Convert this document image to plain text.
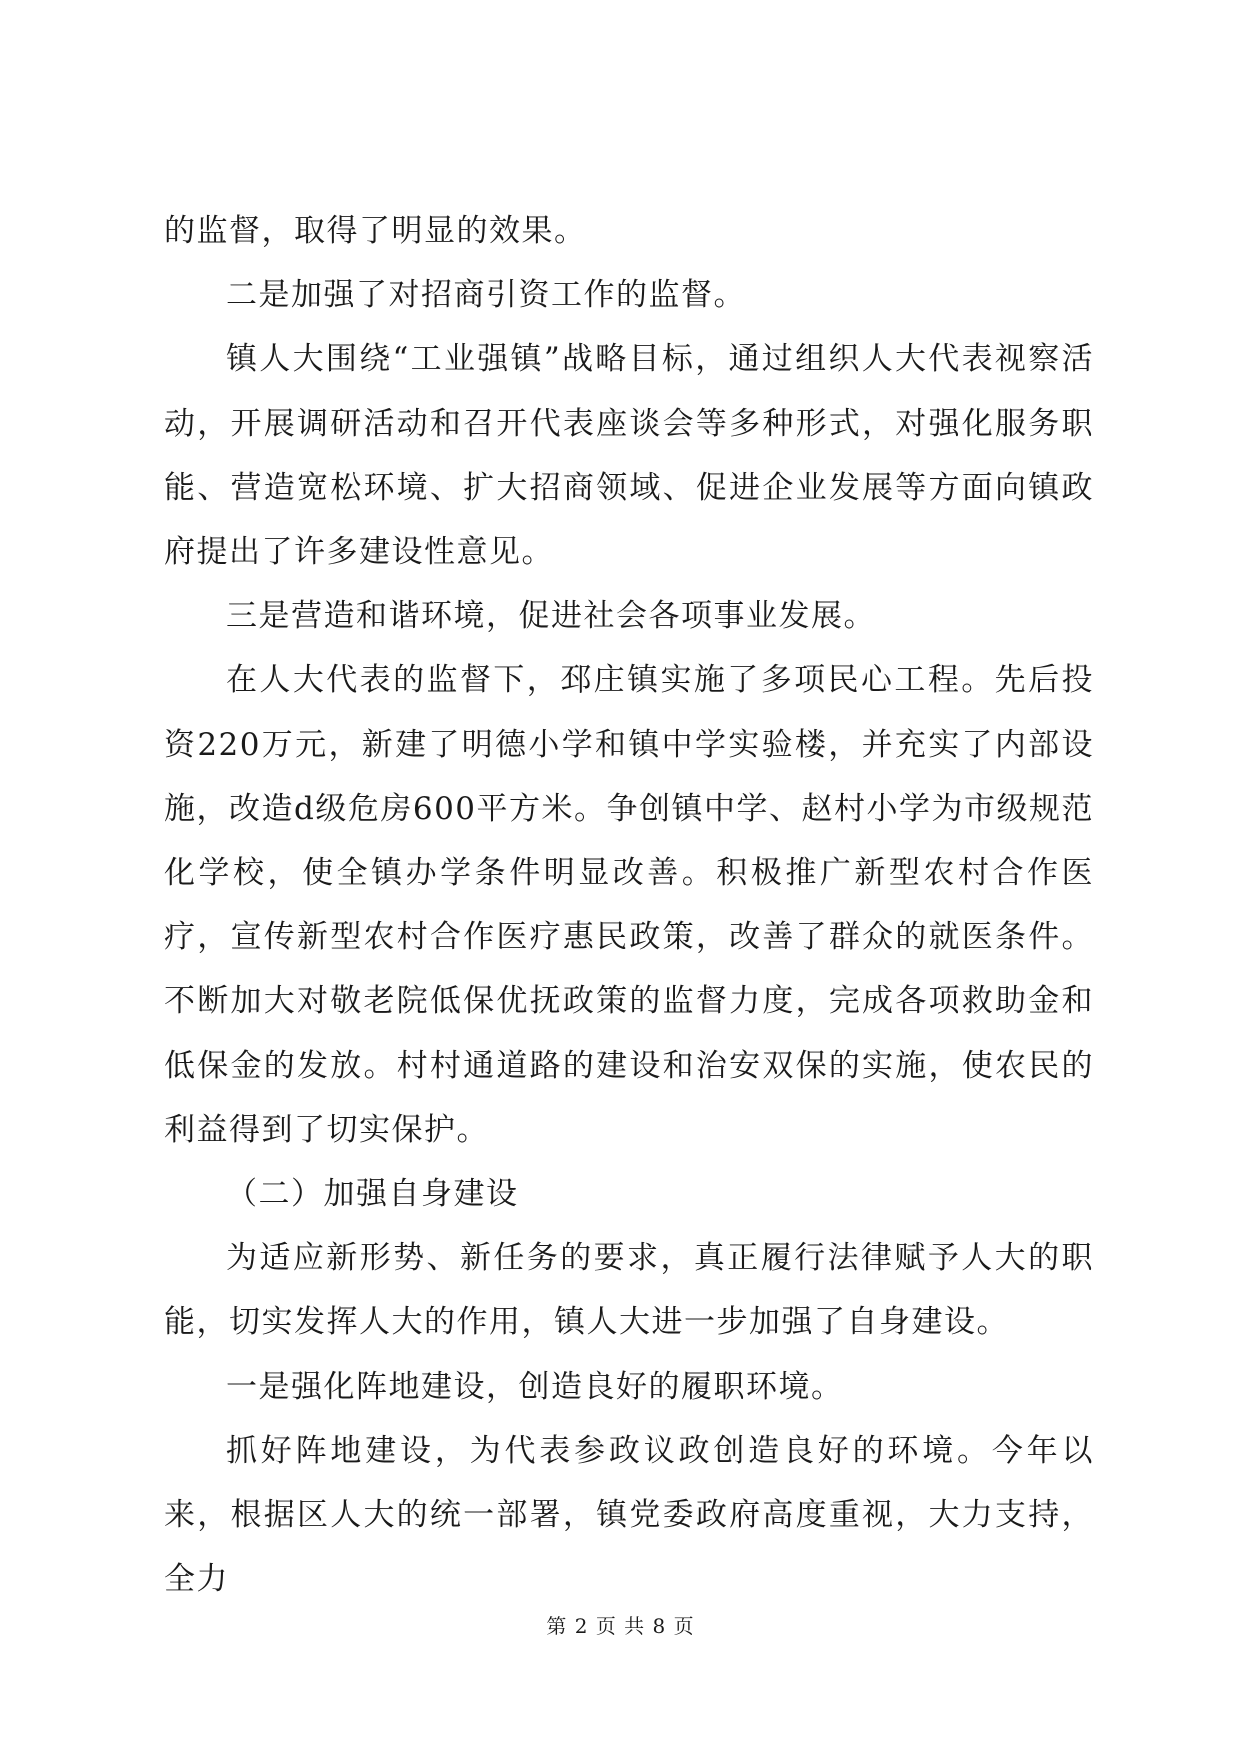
的监督，取得了明显的效果。

二是加强了对招商引资工作的监督。

镇人大围绕“工业强镇”战略目标，通过组织人大代表视察活动，开展调研活动和召开代表座谈会等多种形式，对强化服务职能、营造宽松环境、扩大招商领域、促进企业发展等方面向镇政府提出了许多建设性意见。

三是营造和谐环境，促进社会各项事业发展。

在人大代表的监督下，邳庄镇实施了多项民心工程。先后投资220万元，新建了明德小学和镇中学实验楼，并充实了内部设施，改造d级危房600平方米。争创镇中学、赵村小学为市级规范化学校，使全镇办学条件明显改善。积极推广新型农村合作医疗，宣传新型农村合作医疗惠民政策，改善了群众的就医条件。不断加大对敬老院低保优抚政策的监督力度，完成各项救助金和低保金的发放。村村通道路的建设和治安双保的实施，使农民的利益得到了切实保护。

（二）加强自身建设

为适应新形势、新任务的要求，真正履行法律赋予人大的职能，切实发挥人大的作用，镇人大进一步加强了自身建设。

一是强化阵地建设，创造良好的履职环境。

抓好阵地建设，为代表参政议政创造良好的环境。今年以来，根据区人大的统一部署，镇党委政府高度重视，大力支持，全力

第 2 页 共 8 页
